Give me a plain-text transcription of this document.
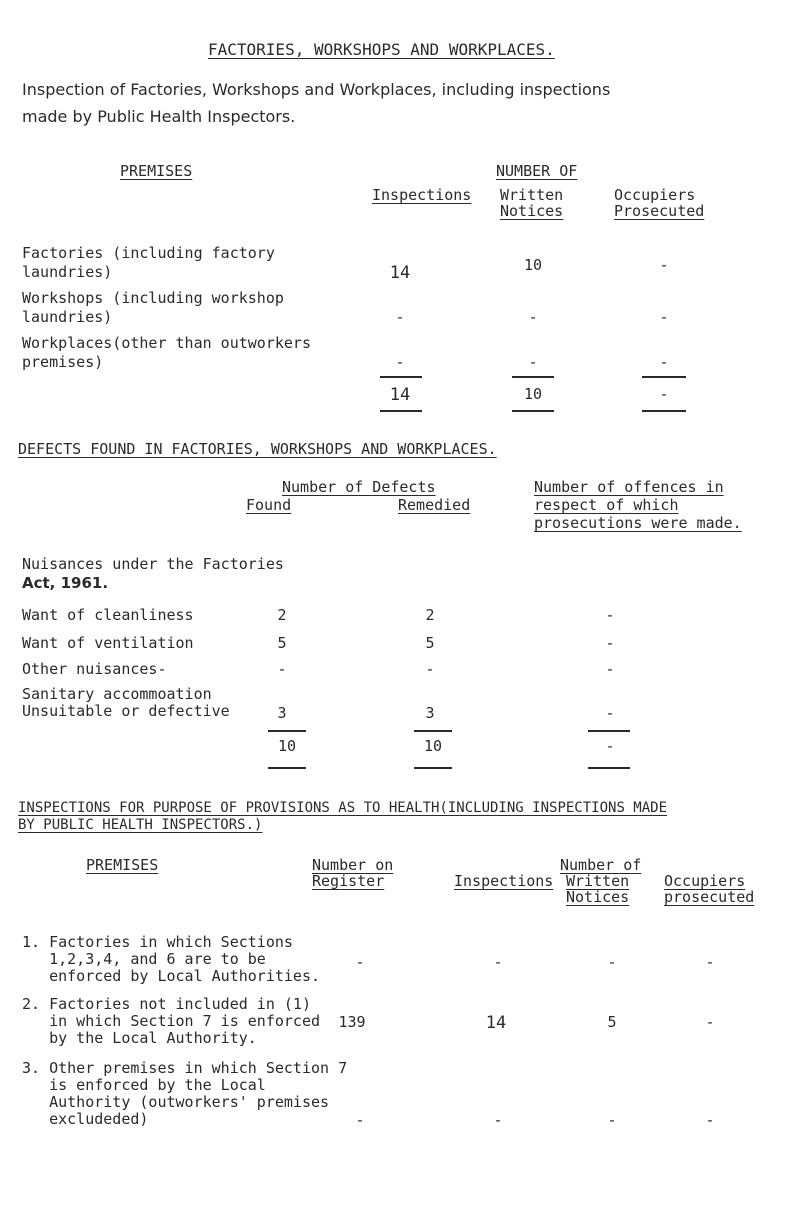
FACTORIES, WORKSHOPS AND WORKPLACES.
Inspection of Factories, Workshops and Workplaces, including inspections
made by Public Health Inspectors.
PREMISES	NUMBER OF
Inspections Written
Notices
Occupiers
Prosecuted
Factories (including factory
laundries)	14	10	-
Workshops (including workshop
laundries)	-	-	-
Workplaces(other than outworkers
premises)	-	-	-
14	10	-
DEFECTS FOUND IN FACTORIES, WORKSHOPS AND WORKPLACES.
Number of Defects
Found	Remedied
Number of offences in
respect of which
prosecutions were made.
Nuisances under the Factories
Act, 1961.
Want of cleanliness	2	2	-
Want of ventilation	5	5	-
Other nuisances-	-	-	-
Sanitary accommoation
Unsuitable or defective	3	3	-
10	10	-
INSPECTIONS FOR PURPOSE OF PROVISIONS AS TO HEALTH(INCLUDING INSPECTIONS MADE
BY PUBLIC HEALTH INSPECTORS.)
PREMISES	Number on
Register
Number of
Inspections Written
Notices
Occupiers
prosecuted
1. Factories in which Sections
1,2,3,4, and 6 are to be
enforced by Local Authorities.
-	-	-	-
2. Factories not included in (1)
in which Section 7 is enforced
by the Local Authority.
139	14	5	-
3. Other premises in which Section 7
is enforced by the Local
Authority (outworkers' premises
excludeded)	-	-	-	-
